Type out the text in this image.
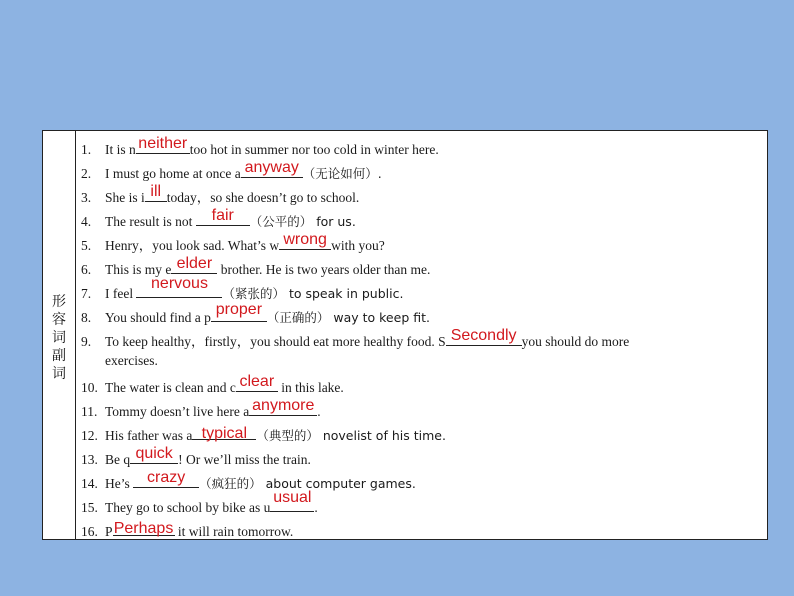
形容词副词
1. It is n neither too hot in summer nor too cold in winter here.
2. I must go home at once a anyway （无论如何）.
3. She is i ill today，so she doesn’t go to school.
4. The result is not fair	（公平的） for us.
5. Henry，you look sad. What’s w wrong with you?
6. This is my e elder brother. He is two years older than me.
7. I feel
nervous
（紧张的） to speak in public.
8. You should find a p proper （正确的） way to keep fit.
9. To keep healthy，firstly，you should eat more healthy food. S Secondly you should do more
exercises.
10. The water is clean and c clear in this lake.
11. Tommy doesn’t live here a anymore .
12. His father was a typical （典型的） novelist of his time.
13. Be q quick ! Or we’ll miss the train.
14. He’s crazy	（疯狂的） about computer games.
15. They go to school by bike as u
usual
.
16. P Perhaps it will rain tomorrow.
